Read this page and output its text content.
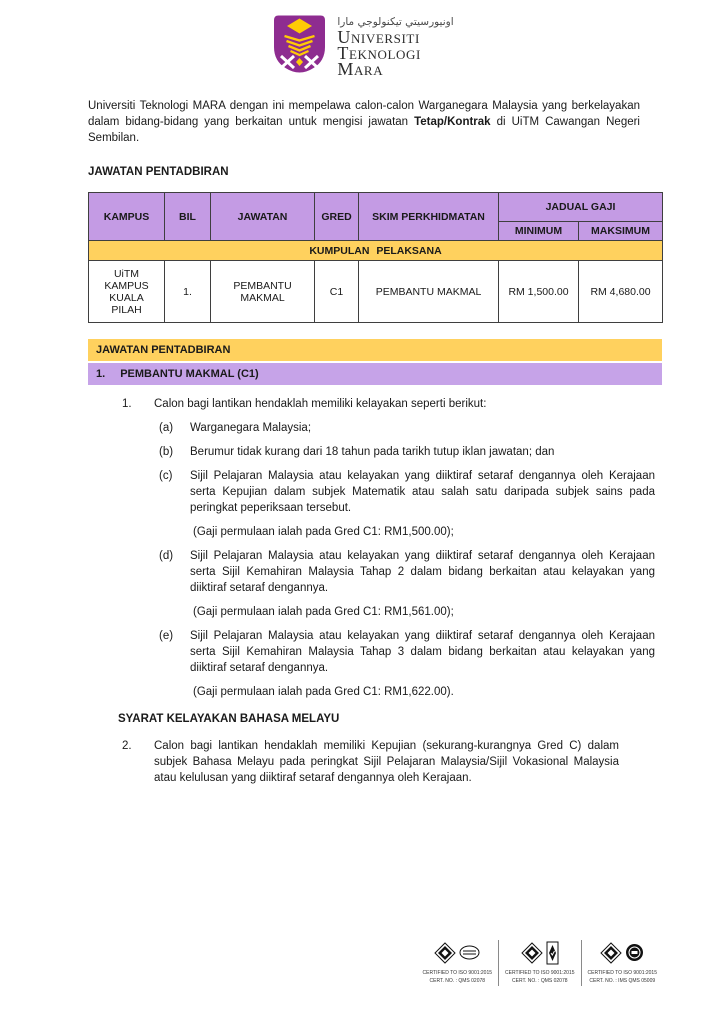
اونيورسيتي تيكنولوجي مارا
Universiti
Teknologi
Mara

Universiti Teknologi MARA dengan ini mempelawa calon-calon Warganegara Malaysia yang berkelayakan dalam bidang-bidang yang berkaitan untuk mengisi jawatan Tetap/Kontrak di UiTM Cawangan Negeri Sembilan.

JAWATAN PENTADBIRAN
KAMPUS	BIL	JAWATAN	GRED	SKIM PERKHIDMATAN	JADUAL GAJI	
					MINIMUM	MAKSIMUM
KUMPULAN PELAKSANA						
UiTM KAMPUS KUALA PILAH	1.	PEMBANTU MAKMAL	C1	PEMBANTU MAKMAL	RM 1,500.00	RM 4,680.00
JAWATAN PENTADBIRAN
1. PEMBANTU MAKMAL (C1)
1.	Calon bagi lantikan hendaklah memiliki kelayakan seperti berikut:
(a)	Warganegara Malaysia;
(b)	Berumur tidak kurang dari 18 tahun pada tarikh tutup iklan jawatan; dan
(c)	Sijil Pelajaran Malaysia atau kelayakan yang diiktiraf setaraf dengannya oleh Kerajaan serta Kepujian dalam subjek Matematik atau salah satu daripada subjek sains pada peringkat peperiksaan tersebut.
(Gaji permulaan ialah pada Gred C1: RM1,500.00);
(d)	Sijil Pelajaran Malaysia atau kelayakan yang diiktiraf setaraf dengannya oleh Kerajaan serta Sijil Kemahiran Malaysia Tahap 2 dalam bidang berkaitan atau kelayakan yang diiktiraf setaraf dengannya.
(Gaji permulaan ialah pada Gred C1: RM1,561.00);
(e)	Sijil Pelajaran Malaysia atau kelayakan yang diiktiraf setaraf dengannya oleh Kerajaan serta Sijil Kemahiran Malaysia Tahap 3 dalam bidang berkaitan atau kelayakan yang diiktiraf setaraf dengannya.
(Gaji permulaan ialah pada Gred C1: RM1,622.00).
SYARAT KELAYAKAN BAHASA MELAYU
2.	Calon bagi lantikan hendaklah memiliki Kepujian (sekurang-kurangnya Gred C) dalam subjek Bahasa Melayu pada peringkat Sijil Pelajaran Malaysia/Sijil Vokasional Malaysia atau kelulusan yang diiktiraf setaraf dengannya oleh Kerajaan.
CERTIFIED TO ISO 9001:2015
CERT. NO. : QMS 02078
CERTIFIED TO ISO 9001:2015
CERT. NO. : QMS 02078
CERTIFIED TO ISO 9001:2015
CERT. NO. : IMS QMS 05009
